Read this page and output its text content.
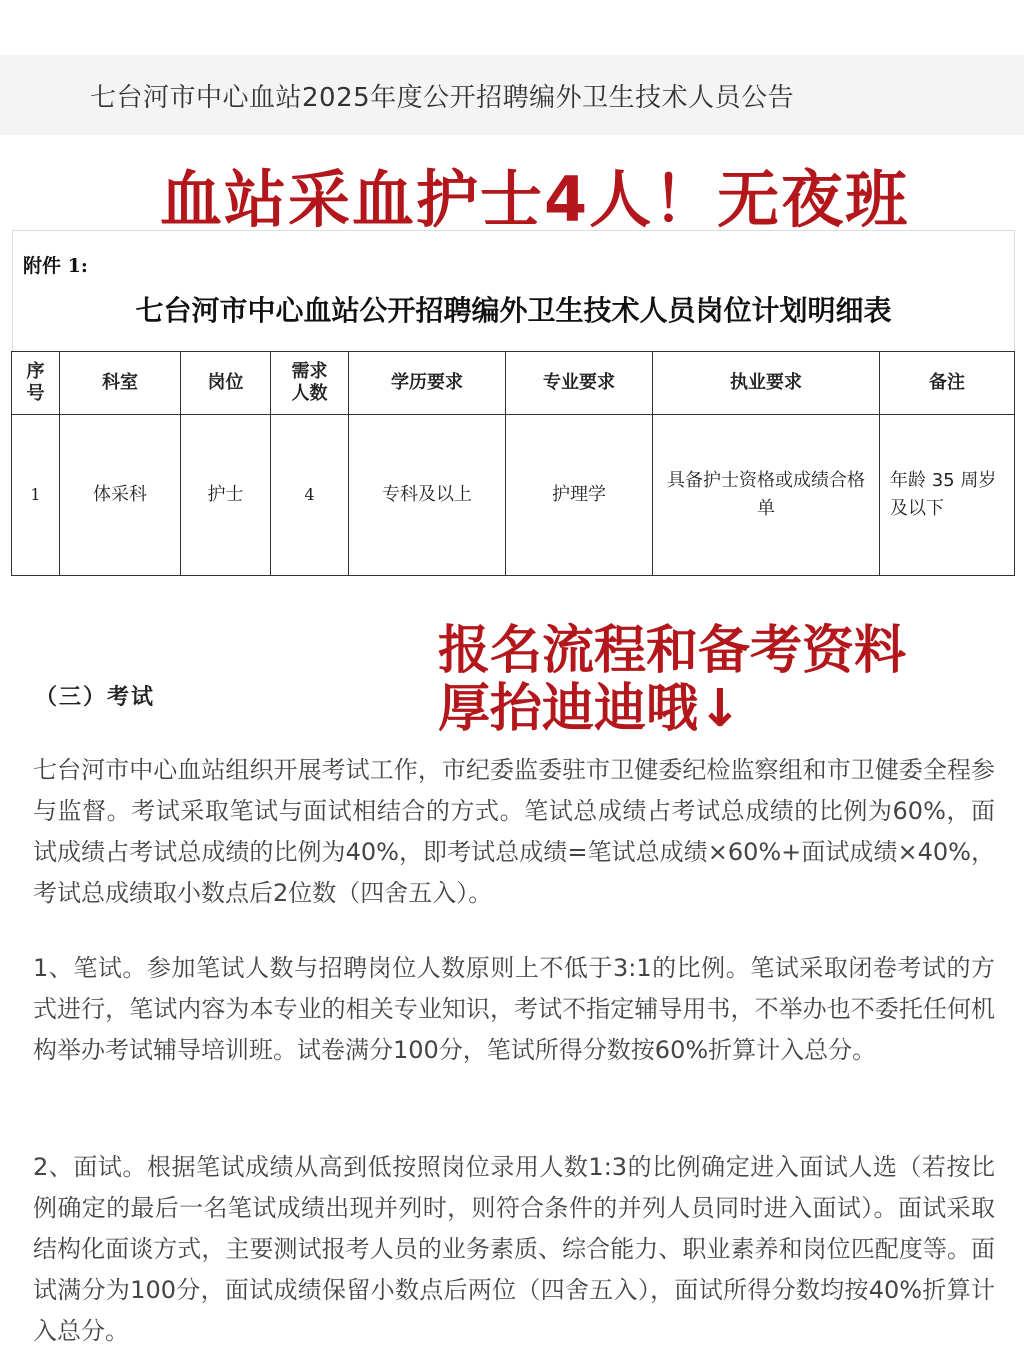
七台河市中心血站2025年度公开招聘编外卫生技术人员公告
血站采血护士4人！无夜班
附件 1:
七台河市中心血站公开招聘编外卫生技术人员岗位计划明细表
序号	科室	岗位	需求人数	学历要求	专业要求	执业要求	备注
1	体采科	护士	4	专科及以上	护理学	具备护士资格或成绩合格单	年龄 35 周岁及以下
（三）考试
报名流程和备考资料
厚抬迪迪哦↓

七台河市中心血站组织开展考试工作，市纪委监委驻市卫健委纪检监察组和市卫健委全程参与监督。考试采取笔试与面试相结合的方式。笔试总成绩占考试总成绩的比例为60%，面试成绩占考试总成绩的比例为40%，即考试总成绩=笔试总成绩×60%+面试成绩×40%，考试总成绩取小数点后2位数（四舍五入）。

1、笔试。参加笔试人数与招聘岗位人数原则上不低于3:1的比例。笔试采取闭卷考试的方式进行，笔试内容为本专业的相关专业知识，考试不指定辅导用书，不举办也不委托任何机构举办考试辅导培训班。试卷满分100分，笔试所得分数按60%折算计入总分。

2、面试。根据笔试成绩从高到低按照岗位录用人数1:3的比例确定进入面试人选（若按比例确定的最后一名笔试成绩出现并列时，则符合条件的并列人员同时进入面试）。面试采取结构化面谈方式，主要测试报考人员的业务素质、综合能力、职业素养和岗位匹配度等。面试满分为100分，面试成绩保留小数点后两位（四舍五入），面试所得分数均按40%折算计入总分。
